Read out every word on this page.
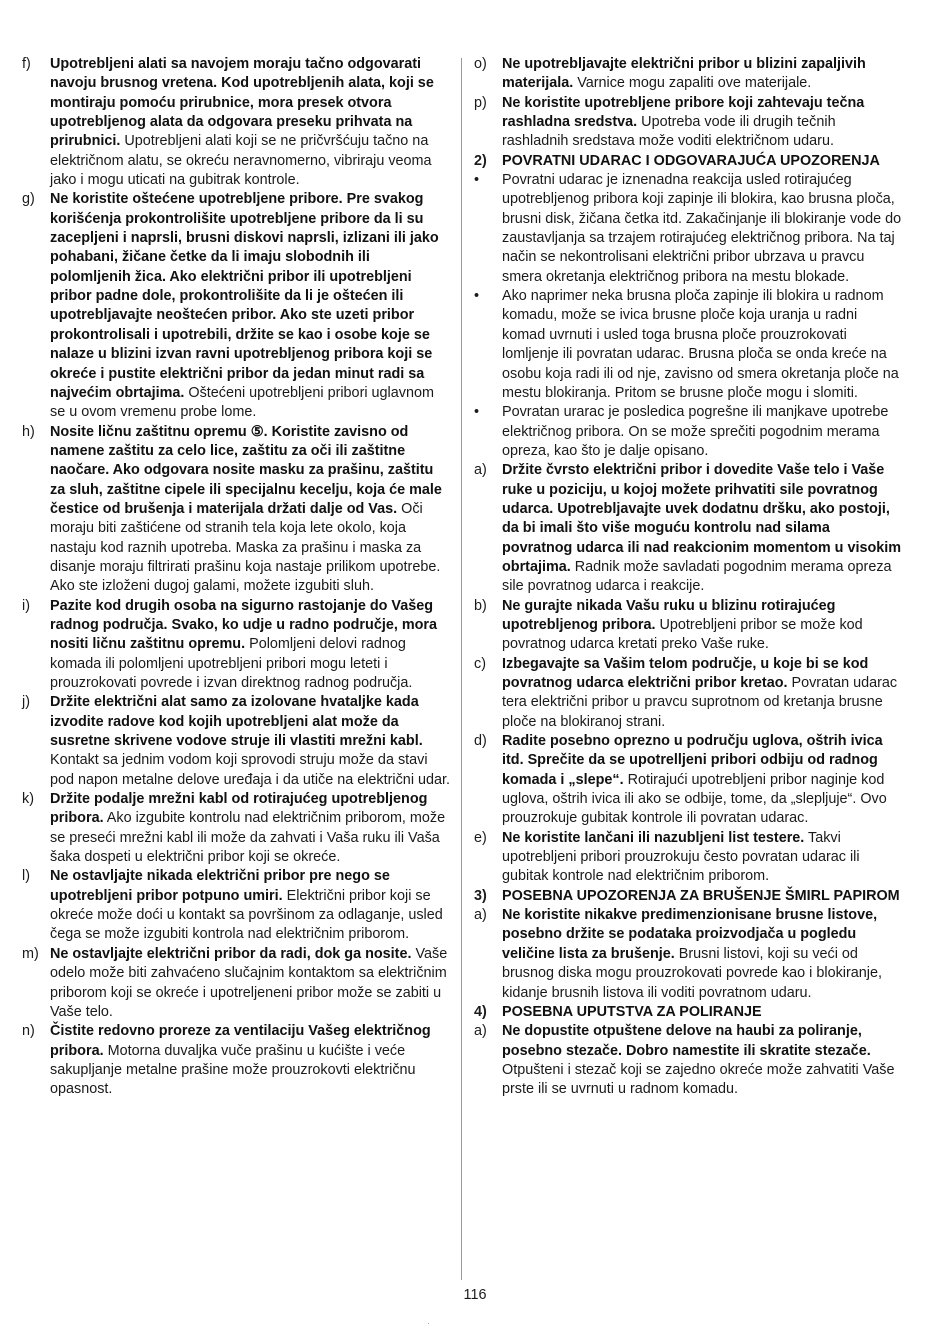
f)	Upotrebljeni alati sa navojem moraju tačno odgovarati navoju brusnog vretena. Kod upotrebljenih alata, koji se montiraju pomoću prirubnice, mora presek otvora upotrebljenog alata da odgovara preseku prihvata na prirubnici. Upotrebljeni alati koji se ne pričvršćuju tačno na električnom alatu, se okreću neravnomerno, vibriraju veoma jako i mogu uticati na gubitrak kontrole.
g)	Ne koristite oštećene upotrebljene pribore. Pre svakog korišćenja prokontrolišite upotrebljene pribore da li su zacepljeni i naprsli, brusni diskovi naprsli, izlizani ili jako pohabani, žičane četke da li imaju slobodnih ili polomljenih žica. Ako električni pribor ili upotrebljeni pribor padne dole, prokontrolišite da li je oštećen ili upotrebljavajte neoštećen pribor. Ako ste uzeti pribor prokontrolisali i upotrebili, držite se kao i osobe koje se nalaze u blizini izvan ravni upotrebljenog pribora koji se okreće i pustite električni pribor da jedan minut radi sa najvećim obrtajima. Oštećeni upotrebljeni pribori uglavnom se u ovom vremenu probe lome.
h)	Nosite ličnu zaštitnu opremu ⑤. Koristite zavisno od namene zaštitu za celo lice, zaštitu za oči ili zaštitne naočare. Ako odgovara nosite masku za prašinu, zaštitu za sluh, zaštitne cipele ili specijalnu kecelju, koja će male čestice od brušenja i materijala držati dalje od Vas. Oči moraju biti zaštićene od stranih tela koja lete okolo, koja nastaju kod raznih upotreba. Maska za prašinu i maska za disanje moraju filtrirati prašinu koja nastaje prilikom upotrebe. Ako ste izloženi dugoj galami, možete izgubiti sluh.
i)	Pazite kod drugih osoba na sigurno rastojanje do Vašeg radnog područja. Svako, ko udje u radno područje, mora nositi ličnu zaštitnu opremu. Polomljeni delovi radnog komada ili polomljeni upotrebljeni pribori mogu leteti i prouzrokovati povrede i izvan direktnog radnog područja.
j)	Držite električni alat samo za izolovane hvataljke kada izvodite radove kod kojih upotrebljeni alat može da susretne skrivene vodove struje ili vlastiti mrežni kabl. Kontakt sa jednim vodom koji sprovodi struju može da stavi pod napon metalne delove uređaja i da utiče na električni udar.
k)	Držite podalje mrežni kabl od rotirajućeg upotrebljenog pribora. Ako izgubite kontrolu nad električnim priborom, može se preseći mrežni kabl ili može da zahvati i Vaša ruku ili Vaša šaka dospeti u električni pribor koji se okreće.
l)	Ne ostavljajte nikada električni pribor pre nego se upotrebljeni pribor potpuno umiri. Električni pribor koji se okreće može doći u kontakt sa površinom za odlaganje, usled čega se može izgubiti kontrola nad električnim priborom.
m) Ne ostavljajte električni pribor da radi, dok ga nosite. Vaše odelo može biti zahvaćeno slučajnim kontaktom sa električnim priborom koji se okreće i upotreljeneni pribor može se zabiti u Vaše telo.
n)	Čistite redovno proreze za ventilaciju Vašeg električnog pribora. Motorna duvaljka vuče prašinu u kućište i veće sakupljanje metalne prašine može prouzrokovti električnu opasnost.
o)	Ne upotrebljavajte električni pribor u blizini zapaljivih materijala. Varnice mogu zapaliti ove materijale.
p)	Ne koristite upotrebljene pribore koji zahtevaju tečna rashladna sredstva. Upotreba vode ili drugih tečnih rashladnih sredstava može voditi električnom udaru.
2)	POVRATNI UDARAC I ODGOVARAJUĆA UPOZORENJA
•	Povratni udarac je iznenadna reakcija usled rotirajućeg upotrebljenog pribora koji zapinje ili blokira, kao brusna ploča, brusni disk, žičana četka itd. Zakačinjanje ili blokiranje vode do zaustavljanja sa trzajem rotirajućeg električnog pribora. Na taj način se nekontrolisani električni pribor ubrzava u pravcu smera okretanja električnog pribora na mestu blokade.
•	Ako naprimer neka brusna ploča zapinje ili blokira u radnom komadu, može se ivica brusne ploče koja uranja u radni komad uvrnuti i usled toga brusna ploče prouzrokovati lomljenje ili povratan udarac. Brusna ploča se onda kreće na osobu koja radi ili od nje, zavisno od smera okretanja ploče na mestu blokiranja. Pritom se brusne ploče mogu i slomiti.
•	Povratan urarac je posledica pogrešne ili manjkave upotrebe električnog pribora. On se može sprečiti pogodnim merama opreza, kao što je dalje opisano.
a)	Držite čvrsto električni pribor i dovedite Vaše telo i Vaše ruke u poziciju, u kojoj možete prihvatiti sile povratnog udarca. Upotrebljavajte uvek dodatnu dršku, ako postoji, da bi imali što više moguću kontrolu nad silama povratnog udarca ili nad reakcionim momentom u visokim obrtajima. Radnik može savladati pogodnim merama opreza sile povratnog udarca i reakcije.
b)	Ne gurajte nikada Vašu ruku u blizinu rotirajućeg upotrebljenog pribora. Upotrebljeni pribor se može kod povratnog udarca kretati preko Vaše ruke.
c)	Izbegavajte sa Vašim telom područje, u koje bi se kod povratnog udarca električni pribor kretao. Povratan udarac tera električni pribor u pravcu suprotnom od kretanja brusne ploče na blokiranoj strani.
d)	Radite posebno oprezno u području uglova, oštrih ivica itd. Sprečite da se upotrelljeni pribori odbiju od radnog komada i „slepe“. Rotirajući upotrebljeni pribor naginje kod uglova, oštrih ivica ili ako se odbije, tome, da „slepljuje“. Ovo prouzrokuje gubitak kontrole ili povratan udarac.
e)	Ne koristite lančani ili nazubljeni list testere. Takvi upotrebljeni pribori prouzrokuju često povratan udarac ili gubitak kontrole nad električnim priborom.
3)	POSEBNA UPOZORENJA ZA BRUŠENJE ŠMIRL PAPIROM
a)	Ne koristite nikakve predimenzionisane brusne listove, posebno držite se podataka proizvodjača u pogledu veličine lista za brušenje. Brusni listovi, koji su veći od brusnog diska mogu prouzrokovati povrede kao i blokiranje, kidanje brusnih listova ili voditi povratnom udaru.
4)	POSEBNA UPUTSTVA ZA POLIRANJE
a)	Ne dopustite otpuštene delove na haubi za poliranje, posebno stezače. Dobro namestite ili skratite stezače. Otpušteni i stezač koji se zajedno okreće može zahvatiti Vaše prste ili se uvrnuti u radnom komadu.
116
·
